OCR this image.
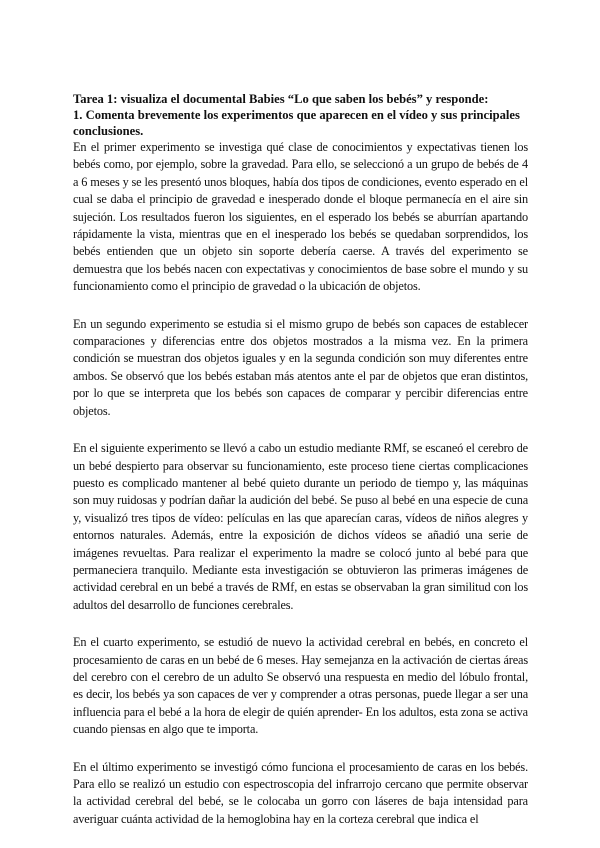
Tarea 1: visualiza el documental Babies “Lo que saben los bebés” y responde:

1. Comenta brevemente los experimentos que aparecen en el vídeo y sus principales conclusiones.

En el primer experimento se investiga qué clase de conocimientos y expectativas tienen los bebés como, por ejemplo, sobre la gravedad. Para ello, se seleccionó a un grupo de bebés de 4 a 6 meses y se les presentó unos bloques, había dos tipos de condiciones, evento esperado en el cual se daba el principio de gravedad e inesperado donde el bloque permanecía en el aire sin sujeción. Los resultados fueron los siguientes, en el esperado los bebés se aburrían apartando rápidamente la vista, mientras que en el inesperado los bebés se quedaban sorprendidos, los bebés entienden que un objeto sin soporte debería caerse. A través del experimento se demuestra que los bebés nacen con expectativas y conocimientos de base sobre el mundo y su funcionamiento como el principio de gravedad o la ubicación de objetos.

En un segundo experimento se estudia si el mismo grupo de bebés son capaces de establecer comparaciones y diferencias entre dos objetos mostrados a la misma vez. En la primera condición se muestran dos objetos iguales y en la segunda condición son muy diferentes entre ambos. Se observó que los bebés estaban más atentos ante el par de objetos que eran distintos, por lo que se interpreta que los bebés son capaces de comparar y percibir diferencias entre objetos.

En el siguiente experimento se llevó a cabo un estudio mediante RMf, se escaneó el cerebro de un bebé despierto para observar su funcionamiento, este proceso tiene ciertas complicaciones puesto es complicado mantener al bebé quieto durante un periodo de tiempo y, las máquinas son muy ruidosas y podrían dañar la audición del bebé. Se puso al bebé en una especie de cuna y, visualizó tres tipos de vídeo: películas en las que aparecían caras, vídeos de niños alegres y entornos naturales. Además, entre la exposición de dichos vídeos se añadió una serie de imágenes revueltas. Para realizar el experimento la madre se colocó junto al bebé para que permaneciera tranquilo. Mediante esta investigación se obtuvieron las primeras imágenes de actividad cerebral en un bebé a través de RMf, en estas se observaban la gran similitud con los adultos del desarrollo de funciones cerebrales.

En el cuarto experimento, se estudió de nuevo la actividad cerebral en bebés, en concreto el procesamiento de caras en un bebé de 6 meses. Hay semejanza en la activación de ciertas áreas del cerebro con el cerebro de un adulto Se observó una respuesta en medio del lóbulo frontal, es decir, los bebés ya son capaces de ver y comprender a otras personas, puede llegar a ser una influencia para el bebé a la hora de elegir de quién aprender- En los adultos, esta zona se activa cuando piensas en algo que te importa.

En el último experimento se investigó cómo funciona el procesamiento de caras en los bebés. Para ello se realizó un estudio con espectroscopia del infrarrojo cercano que permite observar la actividad cerebral del bebé, se le colocaba un gorro con láseres de baja intensidad para averiguar cuánta actividad de la hemoglobina hay en la corteza cerebral que indica el
